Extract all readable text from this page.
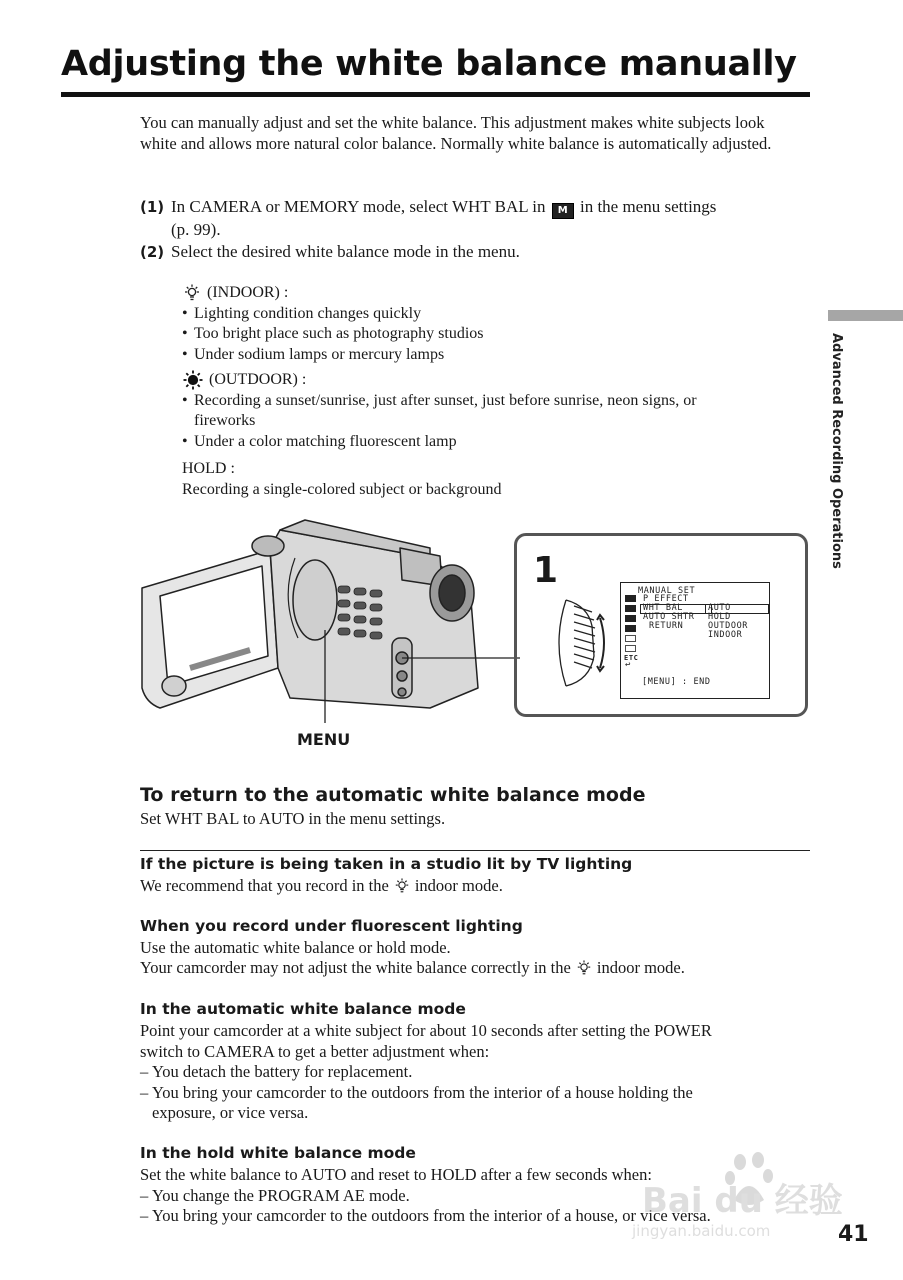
Adjusting the white balance manually
You can manually adjust and set the white balance. This adjustment makes white subjects look white and allows more natural color balance. Normally white balance is automatically adjusted.
(1) In CAMERA or MEMORY mode, select WHT BAL in M in the menu settings
(p. 99).
(2) Select the desired white balance mode in the menu.
(INDOOR) :
• Lighting condition changes quickly
• Too bright place such as photography studios
• Under sodium lamps or mercury lamps
(OUTDOOR) :
• Recording a sunset/sunrise, just after sunset, just before sunrise, neon signs, or
fireworks
• Under a color matching fluorescent lamp
HOLD :
Recording a single-colored subject or background	Advanced Recording Operations
MENU
1	MANUAL SET
P EFFECT
WHT BAL
AUTO SHTR
RETURN
AUTO
HOLD
OUTDOOR
INDOOR
ETC
↩
[MENU] : END
To return to the automatic white balance mode
Set WHT BAL to AUTO in the menu settings.
If the picture is being taken in a studio lit by TV lighting
We recommend that you record in the indoor mode.
When you record under fluorescent lighting
Use the automatic white balance or hold mode.
Your camcorder may not adjust the white balance correctly in the indoor mode.
In the automatic white balance mode
Point your camcorder at a white subject for about 10 seconds after setting the POWER
switch to CAMERA to get a better adjustment when:
– You detach the battery for replacement.
– You bring your camcorder to the outdoors from the interior of a house holding the
exposure, or vice versa.
In the hold white balance mode
Set the white balance to AUTO and reset to HOLD after a few seconds when:
– You change the PROGRAM AE mode.
– You bring your camcorder to the outdoors from the interior of a house, or vice versa.
Bai du 经验
jingyan.baidu.com	41
